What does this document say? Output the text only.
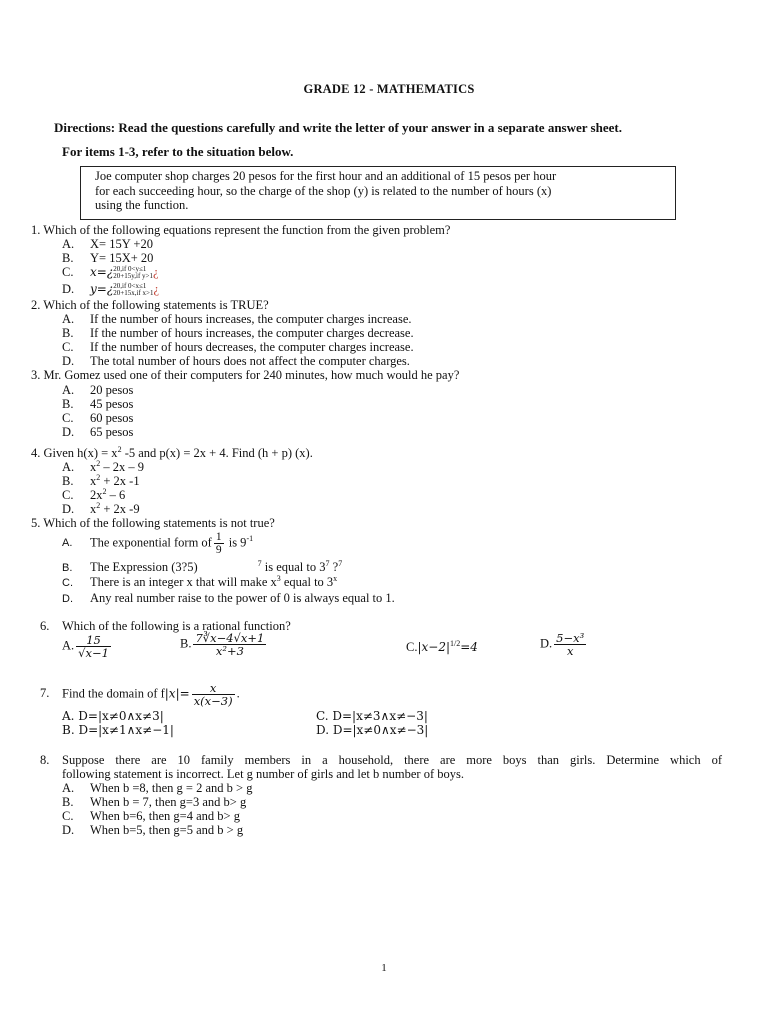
GRADE 12 - MATHEMATICS
Directions: Read the questions carefully and write the letter of your answer in a separate answer sheet.
For items 1-3, refer to the situation below.
Joe computer shop charges 20 pesos for the first hour and an additional of 15 pesos per hour
for each succeeding hour, so the charge of the shop (y) is related to the number of hours (x)
using the function.
1. Which of the following equations represent the function from the given problem?
A. X= 15Y +20
B. Y= 15X+ 20
C. x=¿ 20,if 0<y≤1
20+15y,if y>1 ¿
D. y=¿ 20,if 0<x≤1
20+15x,if x>1 ¿
2. Which of the following statements is TRUE?
A. If the number of hours increases, the computer charges increase.
B. If the number of hours increases, the computer charges decrease.
C. If the number of hours decreases, the computer charges increase.
D. The total number of hours does not affect the computer charges.
3. Mr. Gomez used one of their computers for 240 minutes, how much would he pay?
A. 20 pesos
B. 45 pesos
C. 60 pesos
D. 65 pesos
4. Given $h(x) = x^2$ -5 and p(x) = 2x + 4. Find (h + p) (x).
A. $x^2 - 2x - 9$
B. $x^2 + 2x$ -1
C. $2x^2 - 6$
D. $x^2 + 2x$ -9
5. Which of the following statements is not true?
A. The exponential form of $\frac{1}{9}$ is $9^{-1}$
B. The Expression (3?5)	$^7$ is equal to $3^7$ ?$^7$
C. There is an integer x that will make $x^3$ equal to 3$^x$
D. Any real number raise to the power of 0 is always equal to 1.
6. Which of the following is a rational function?
A. $\frac{15}{√x-1}$	B. $\frac{7∛x-4√x+1}{\text{x²+3}}$	$C.|x-2|^{1/2}=4$	D. $\frac{\text{5−x³}}{x}$
7. Find the domain of $f|x|= \frac{x}{x(x-3)}$ .
A. D=|x≠0∧x≠3|
B. D=|x≠1∧x≠−1|
C. D=|x≠3∧x≠−3|
D. D=|x≠0∧x≠−3|
8. Suppose there are 10 family members in a household, there are more boys than girls. Determine which of
following statement is incorrect. Let g number of girls and let b number of boys.
A. When b =8, then g = 2 and b > g
B. When b = 7, then g=3 and b> g
C. When b=6, then g=4 and b> g
D. When b=5, then g=5 and b > g
1
